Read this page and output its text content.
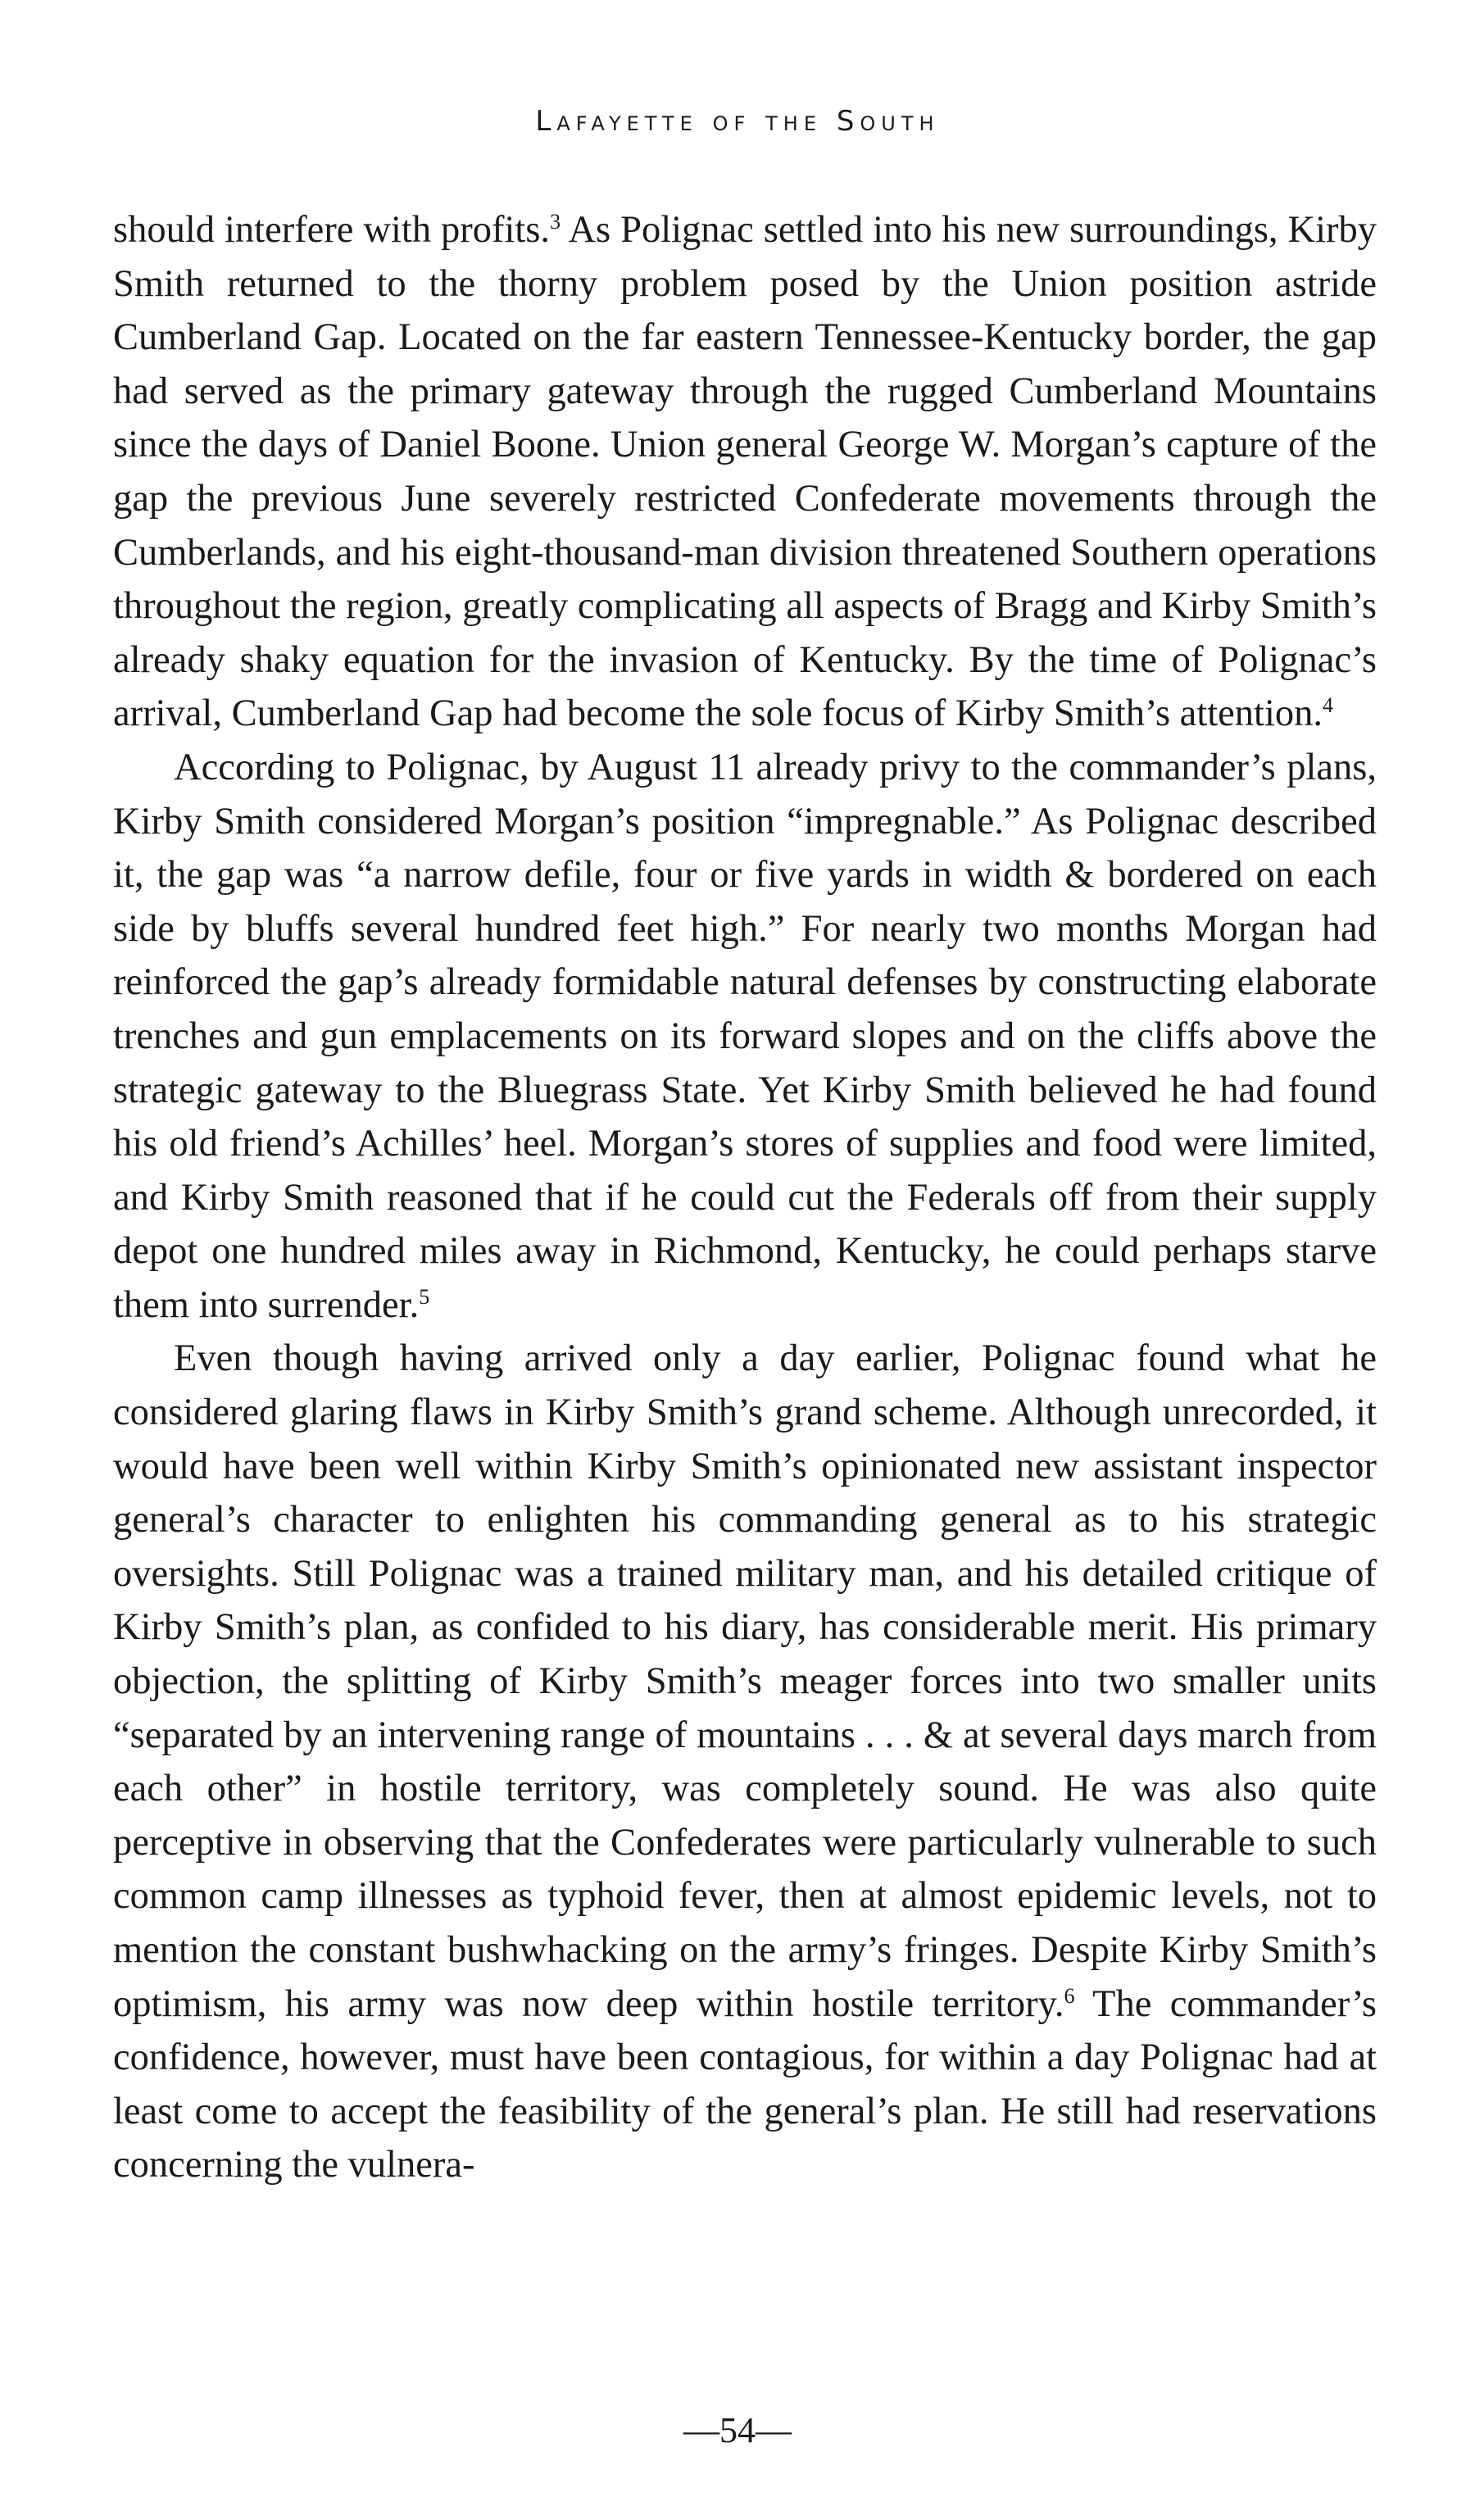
Lafayette of the South

should interfere with profits.$^3$ As Polignac settled into his new surroundings, Kirby Smith returned to the thorny problem posed by the Union position astride Cumberland Gap. Located on the far eastern Tennessee-Kentucky border, the gap had served as the primary gateway through the rugged Cumberland Mountains since the days of Daniel Boone. Union general George W. Morgan’s capture of the gap the previous June severely restricted Confederate movements through the Cumberlands, and his eight-thousand-man division threatened Southern operations throughout the region, greatly complicating all aspects of Bragg and Kirby Smith’s already shaky equation for the invasion of Kentucky. By the time of Polignac’s arrival, Cumberland Gap had become the sole focus of Kirby Smith’s attention.$^4$

According to Polignac, by August 11 already privy to the commander’s plans, Kirby Smith considered Morgan’s position “impregnable.” As Polignac described it, the gap was “a narrow defile, four or five yards in width & bordered on each side by bluffs several hundred feet high.” For nearly two months Morgan had reinforced the gap’s already formidable natural defenses by constructing elaborate trenches and gun emplacements on its forward slopes and on the cliffs above the strategic gateway to the Bluegrass State. Yet Kirby Smith believed he had found his old friend’s Achilles’ heel. Morgan’s stores of supplies and food were limited, and Kirby Smith reasoned that if he could cut the Federals off from their supply depot one hundred miles away in Richmond, Kentucky, he could perhaps starve them into surrender.$^5$

Even though having arrived only a day earlier, Polignac found what he considered glaring flaws in Kirby Smith’s grand scheme. Although unrecorded, it would have been well within Kirby Smith’s opinionated new assistant inspector general’s character to enlighten his commanding general as to his strategic oversights. Still Polignac was a trained military man, and his detailed critique of Kirby Smith’s plan, as confided to his diary, has considerable merit. His primary objection, the splitting of Kirby Smith’s meager forces into two smaller units “separated by an intervening range of mountains . . . & at several days march from each other” in hostile territory, was completely sound. He was also quite perceptive in observing that the Confederates were particularly vulnerable to such common camp illnesses as typhoid fever, then at almost epidemic levels, not to mention the constant bushwhacking on the army’s fringes. Despite Kirby Smith’s optimism, his army was now deep within hostile territory.$^6$ The commander’s confidence, however, must have been contagious, for within a day Polignac had at least come to accept the feasibility of the general’s plan. He still had reservations concerning the vulnera-

—54—
